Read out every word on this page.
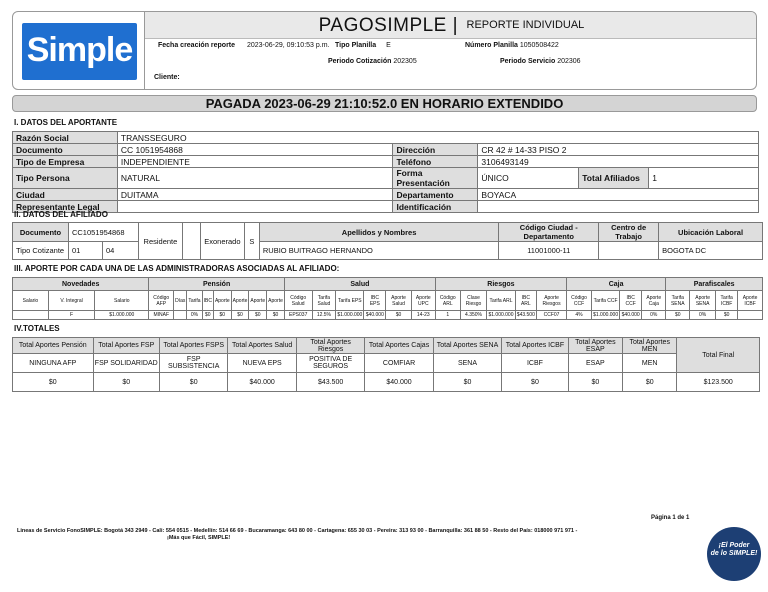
Simple
PAGOSIMPLE | REPORTE INDIVIDUAL
Fecha creación reporte 2023-06-29, 09:10:53 p.m. Tipo Planilla E	Número Planilla 1050508422
Periodo Cotización 202305	Periodo Servicio 202306
Cliente:
PAGADA 2023-06-29 21:10:52.0 EN HORARIO EXTENDIDO
I. DATOS DEL APORTANTE
Razón Social	TRANSSEGURO				
Documento	CC 1051954868	Dirección	CR 42 # 14-33 PISO 2		
Tipo de Empresa	INDEPENDIENTE	Teléfono	3106493149		
Tipo Persona	NATURAL	Forma Presentación	ÚNICO	Total Afiliados	1
Ciudad	DUITAMA	Departamento	BOYACA		
Representante Legal		Identificación			
II. DATOS DEL AFILIADO
Documento	CC1051954868		Residente		Exonerado	S	Apellidos y Nombres	Código Ciudad - Departamento	Centro de Trabajo	Ubicación Laboral
Tipo Cotizante	01	04					RUBIO BUITRAGO HERNANDO	11001000-11		BOGOTA DC
III. APORTE POR CADA UNA DE LAS ADMINISTRADORAS ASOCIADAS AL AFILIADO:
Novedades			Pensión								Salud						Riesgos					Caja				Parafiscales			
Salario	V. Integral	Salario	Código AFP	Días	Tarifa	IBC	Aporte	Aporte	Aporte	Aporte	Código Salud	Tarifa Salud	Tarifa EPS	IBC EPS	Aporte Salud	Aporte UPC	Código ARL	Clase Riesgo	Tarifa ARL	IBC ARL	Aporte Riesgos	Código CCF	Tarifa CCF	IBC CCF	Aporte Caja	Tarifa SENA	Aporte SENA	Tarifa ICBF	Aporte ICBF
	F	$1.000.000	MINAF		0%	$0	$0	$0	$0	$0	EPS037	12.5%	$1.000.000	$40.000	$0	14-23	1	4.350%	$1.000.000	$43.500	CCF07	4%	$1.000.000	$40.000	0%	$0	0%	$0	
IV.TOTALES
Total Aportes Pensión	Total Aportes FSP	Total Aportes FSPS	Total Aportes Salud	Total Aportes Riesgos	Total Aportes Cajas	Total Aportes SENA	Total Aportes ICBF	Total Aportes ESAP	Total Aportes MEN	Total Final
NINGUNA AFP	FSP SOLIDARIDAD	FSP SUBSISTENCIA	NUEVA EPS	POSITIVA DE SEGUROS	COMFIAR	SENA	ICBF	ESAP	MEN	
$0	$0	$0	$40.000	$43.500	$40.000	$0	$0	$0	$0	$123.500
Página 1 de 1
Lineas de Servicio FonoSIMPLE: Bogotá 343 2949 - Cali: 554 0515 - Medellín: 514 66 69 - Bucaramanga: 643 80 00 - Cartagena: 655 30 03 - Pereira: 313 93 00 - Barranquilla: 361 88 50 - Resto del País: 018000 971 971 -
¡Más que Fácil, SIMPLE!
¡El Poder
de lo SIMPLE!
